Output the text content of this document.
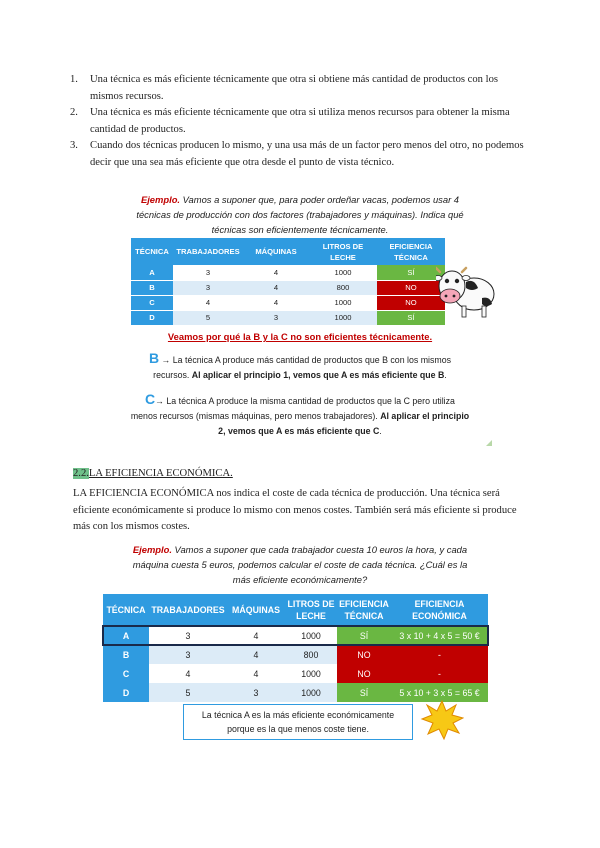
1. Una técnica es más eficiente técnicamente que otra si obtiene más cantidad de productos con los mismos recursos.
2. Una técnica es más eficiente técnicamente que otra si utiliza menos recursos para obtener la misma cantidad de productos.
3. Cuando dos técnicas producen lo mismo, y una usa más de un factor pero menos del otro, no podemos decir que una sea más eficiente que otra desde el punto de vista técnico.
Ejemplo. Vamos a suponer que, para poder ordeñar vacas, podemos usar 4
técnicas de producción con dos factores (trabajadores y máquinas). Indica qué
técnicas son eficientemente técnicamente.
TÉCNICA	TRABAJADORES	MÁQUINAS	LITROS DE LECHE	EFICIENCIA TÉCNICA
A	3	4	1000	SÍ
B	3	4	800	NO
C	4	4	1000	NO
D	5	3	1000	SÍ
Veamos por qué la B y la C no son eficientes técnicamente.
B → La técnica A produce más cantidad de productos que B con los mismos
recursos. Al aplicar el principio 1, vemos que A es más eficiente que B.
C→ La técnica A produce la misma cantidad de productos que la C pero utiliza
menos recursos (mismas máquinas, pero menos trabajadores). Al aplicar el principio
2, vemos que A es más eficiente que C.
2.2.LA EFICIENCIA ECONÓMICA.
LA EFICIENCIA ECONÓMICA nos indica el coste de cada técnica de producción. Una técnica será eficiente económicamente si produce lo mismo con menos costes. También será más eficiente si produce más con los mismos costes.
Ejemplo. Vamos a suponer que cada trabajador cuesta 10 euros la hora, y cada
máquina cuesta 5 euros, podemos calcular el coste de cada técnica. ¿Cuál es la
más eficiente económicamente?
TÉCNICA	TRABAJADORES	MÁQUINAS	LITROS DE LECHE	EFICIENCIA TÉCNICA	EFICIENCIA ECONÓMICA
A	3	4	1000	SÍ	3 x 10 + 4 x 5 = 50 €
B	3	4	800	NO	-
C	4	4	1000	NO	-
D	5	3	1000	SÍ	5 x 10 + 3 x 5 = 65 €
La técnica A es la más eficiente económicamente
porque es la que menos coste tiene.
